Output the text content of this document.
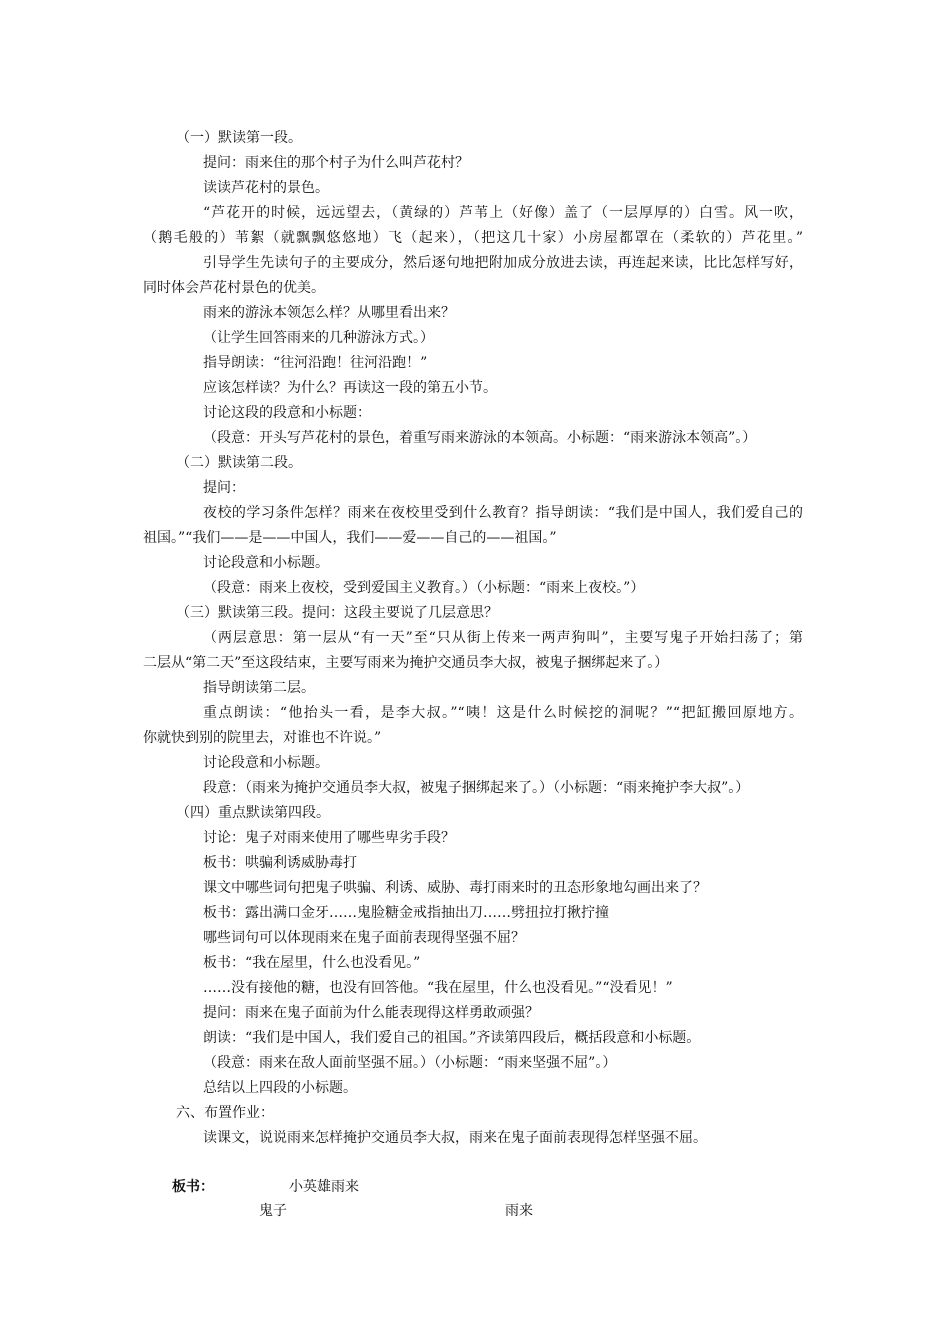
（一）默读第一段。
提问：雨来住的那个村子为什么叫芦花村？
读读芦花村的景色。
“芦花开的时候，远远望去，（黄绿的）芦苇上（好像）盖了（一层厚厚的）白雪。风一吹，
（鹅毛般的）苇絮（就飘飘悠悠地）飞（起来），（把这几十家）小房屋都罩在（柔软的）芦花里。”
引导学生先读句子的主要成分，然后逐句地把附加成分放进去读，再连起来读，比比怎样写好，
同时体会芦花村景色的优美。
雨来的游泳本领怎么样？从哪里看出来？
（让学生回答雨来的几种游泳方式。）
指导朗读：“往河沿跑！往河沿跑！”
应该怎样读？为什么？再读这一段的第五小节。
讨论这段的段意和小标题：
（段意：开头写芦花村的景色，着重写雨来游泳的本领高。小标题：“雨来游泳本领高”。）
（二）默读第二段。
提问：
夜校的学习条件怎样？雨来在夜校里受到什么教育？指导朗读：“我们是中国人，我们爱自己的
祖国。”“我们——是——中国人，我们——爱——自己的——祖国。”
讨论段意和小标题。
（段意：雨来上夜校，受到爱国主义教育。）（小标题：“雨来上夜校。”）
（三）默读第三段。提问：这段主要说了几层意思？
（两层意思：第一层从“有一天”至“只从街上传来一两声狗叫”，主要写鬼子开始扫荡了；第
二层从“第二天”至这段结束，主要写雨来为掩护交通员李大叔，被鬼子捆绑起来了。）
指导朗读第二层。
重点朗读：“他抬头一看，是李大叔。”“咦！这是什么时候挖的洞呢？”“把缸搬回原地方。
你就快到别的院里去，对谁也不许说。”
讨论段意和小标题。
段意：（雨来为掩护交通员李大叔，被鬼子捆绑起来了。）（小标题：“雨来掩护李大叔”。）
（四）重点默读第四段。
讨论：鬼子对雨来使用了哪些卑劣手段？
板书：哄骗利诱威胁毒打
课文中哪些词句把鬼子哄骗、利诱、威胁、毒打雨来时的丑态形象地勾画出来了？
板书：露出满口金牙……鬼脸糖金戒指抽出刀……劈扭拉打揪拧撞
哪些词句可以体现雨来在鬼子面前表现得坚强不屈？
板书：“我在屋里，什么也没看见。”
……没有接他的糖，也没有回答他。“我在屋里，什么也没看见。”“没看见！”
提问：雨来在鬼子面前为什么能表现得这样勇敢顽强？
朗读：“我们是中国人，我们爱自己的祖国。”齐读第四段后，概括段意和小标题。
（段意：雨来在敌人面前坚强不屈。）（小标题：“雨来坚强不屈”。）
总结以上四段的小标题。
六、布置作业：
读课文，说说雨来怎样掩护交通员李大叔，雨来在鬼子面前表现得怎样坚强不屈。
板书：	小英雄雨来
鬼子	雨来
